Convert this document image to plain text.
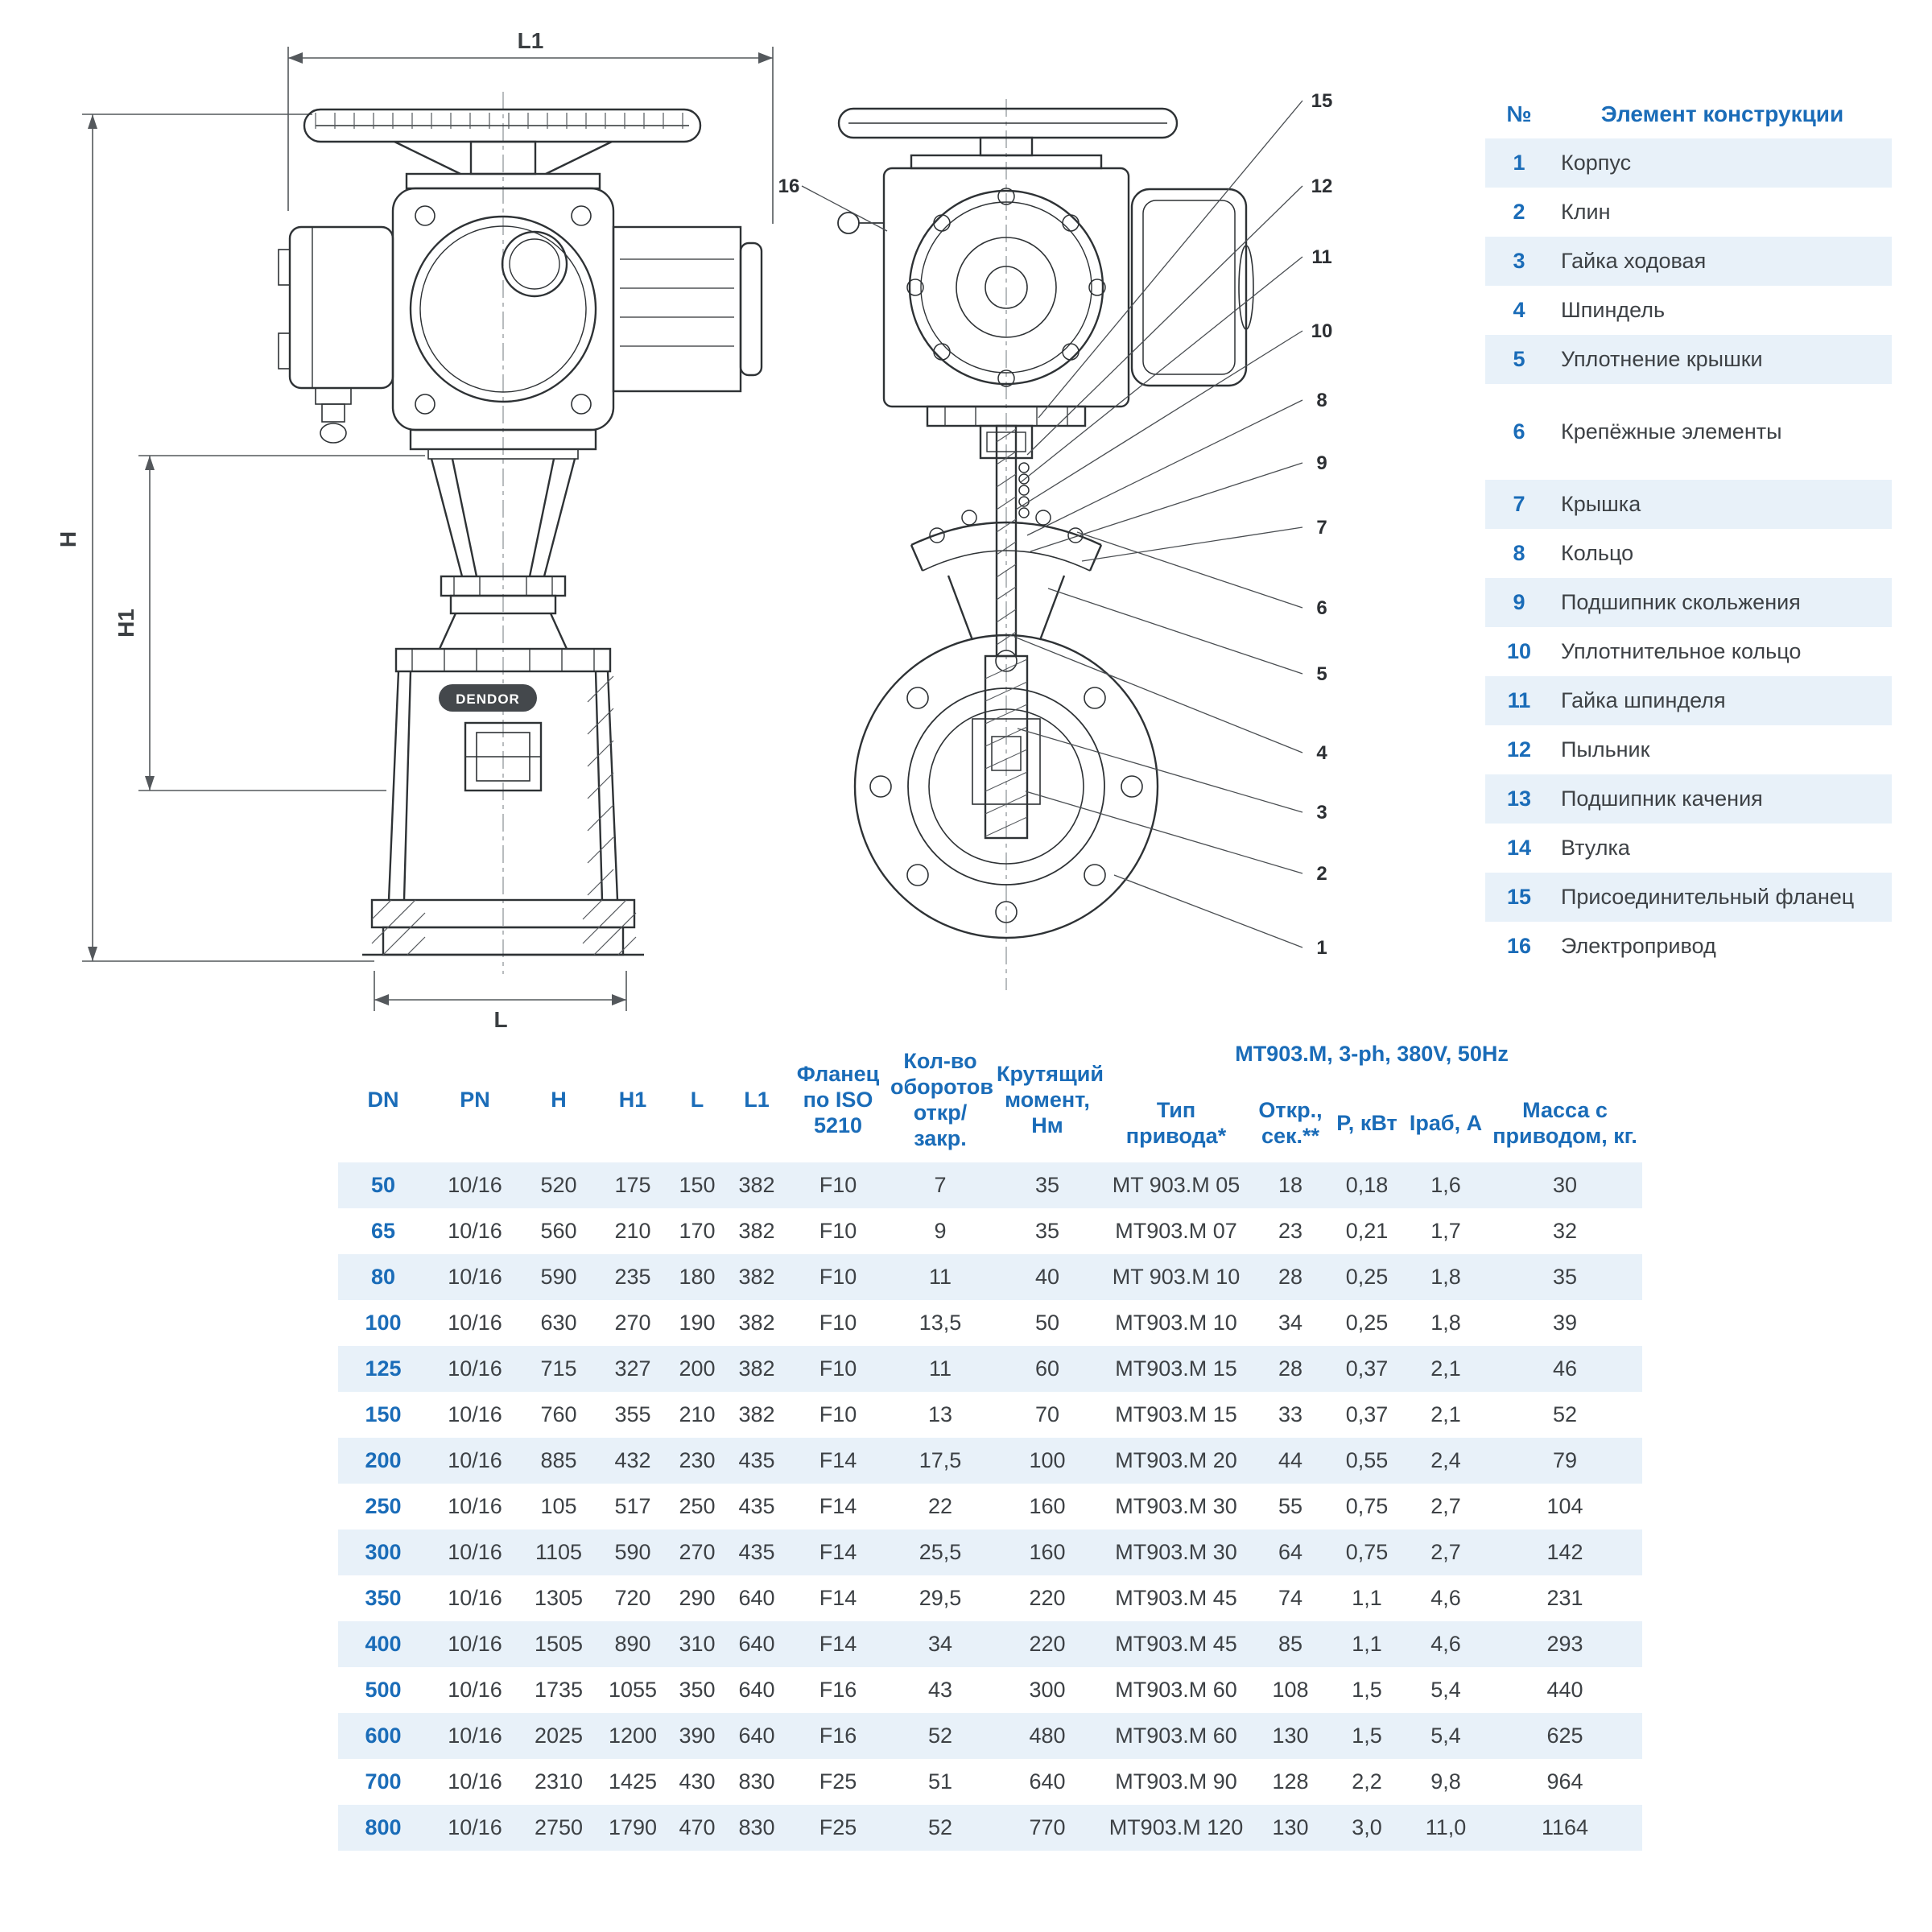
L1
H
H1
L
DENDOR
15
12
11
10
8
9
7
6
5
4
3
2
1
16
№	Элемент конструкции
1	Корпус
2	Клин
3	Гайка ходовая
4	Шпиндель
5	Уплотнение крышки
6	Крепёжные элементы
7	Крышка
8	Кольцо
9	Подшипник скольжения
10	Уплотнительное кольцо
11	Гайка шпинделя
12	Пыльник
13	Подшипник качения
14	Втулка
15	Присоединительный фланец
16	Электропривод
DN	PN	H	H1	L	L1	Фланец по ISO 5210	Кол-во оборотов откр/ закр.	Крутящий момент, Нм	MT903.M, 3-ph, 380V, 50Hz				
									Тип привода*	Откр., сек.**	P, кВт	Iраб, А	Масса с приводом, кг.
50	10/16	520	175	150	382	F10	7	35	MT 903.M 05	18	0,18	1,6	30
65	10/16	560	210	170	382	F10	9	35	MT903.M 07	23	0,21	1,7	32
80	10/16	590	235	180	382	F10	11	40	MT 903.M 10	28	0,25	1,8	35
100	10/16	630	270	190	382	F10	13,5	50	MT903.M 10	34	0,25	1,8	39
125	10/16	715	327	200	382	F10	11	60	MT903.M 15	28	0,37	2,1	46
150	10/16	760	355	210	382	F10	13	70	MT903.M 15	33	0,37	2,1	52
200	10/16	885	432	230	435	F14	17,5	100	MT903.M 20	44	0,55	2,4	79
250	10/16	105	517	250	435	F14	22	160	MT903.M 30	55	0,75	2,7	104
300	10/16	1105	590	270	435	F14	25,5	160	MT903.M 30	64	0,75	2,7	142
350	10/16	1305	720	290	640	F14	29,5	220	MT903.M 45	74	1,1	4,6	231
400	10/16	1505	890	310	640	F14	34	220	MT903.M 45	85	1,1	4,6	293
500	10/16	1735	1055	350	640	F16	43	300	MT903.M 60	108	1,5	5,4	440
600	10/16	2025	1200	390	640	F16	52	480	MT903.M 60	130	1,5	5,4	625
700	10/16	2310	1425	430	830	F25	51	640	MT903.M 90	128	2,2	9,8	964
800	10/16	2750	1790	470	830	F25	52	770	MT903.M 120	130	3,0	11,0	1164
